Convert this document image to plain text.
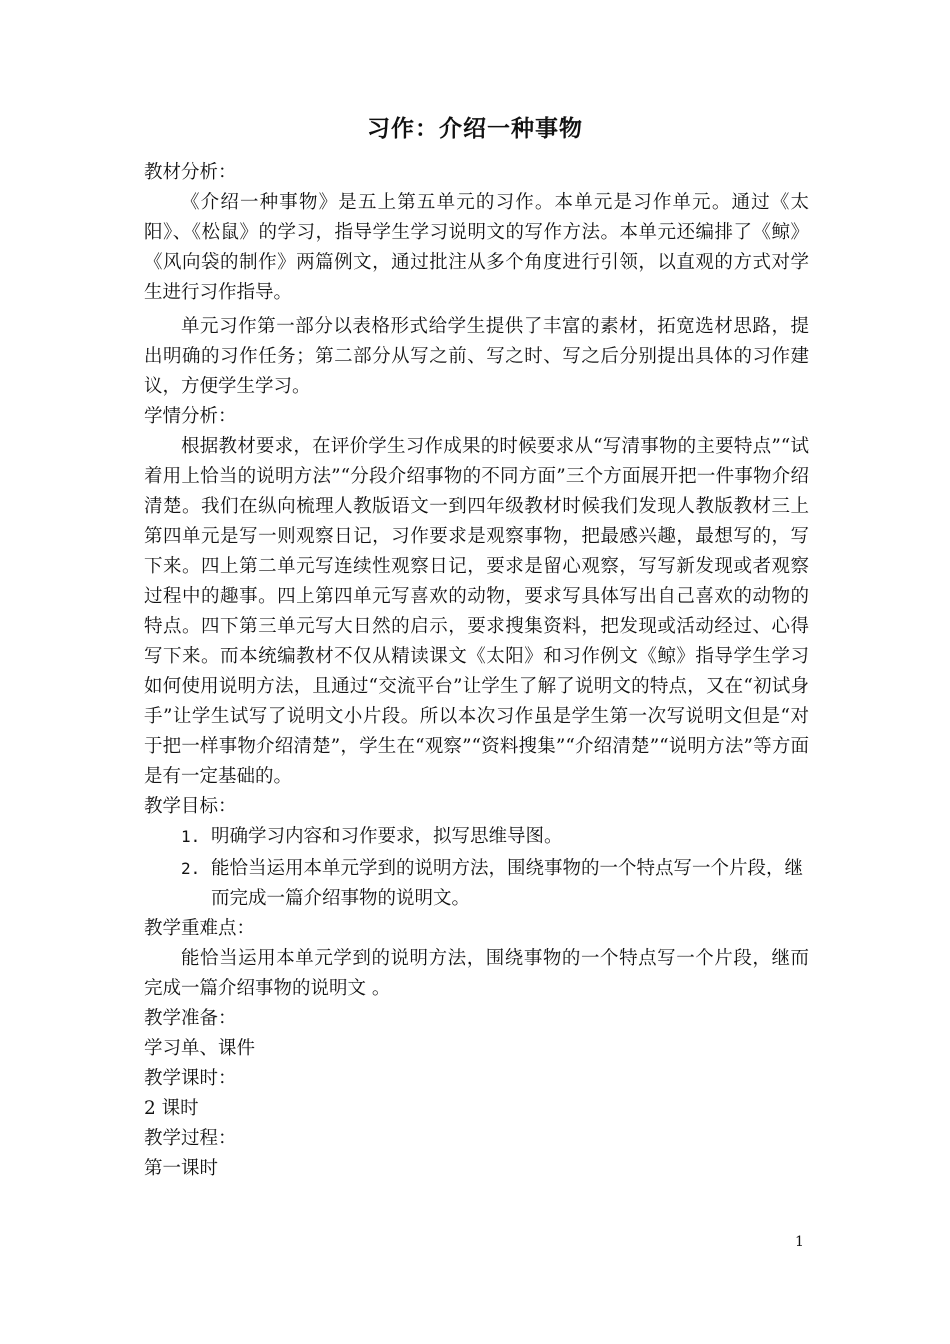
习作：介绍一种事物

教材分析：

《介绍一种事物》是五上第五单元的习作。本单元是习作单元。通过《太阳》、《松鼠》的学习，指导学生学习说明文的写作方法。本单元还编排了《鲸》《风向袋的制作》两篇例文，通过批注从多个角度进行引领，以直观的方式对学生进行习作指导。

单元习作第一部分以表格形式给学生提供了丰富的素材，拓宽选材思路，提出明确的习作任务；第二部分从写之前、写之时、写之后分别提出具体的习作建议，方便学生学习。

学情分析：

根据教材要求，在评价学生习作成果的时候要求从“写清事物的主要特点”“试着用上恰当的说明方法”“分段介绍事物的不同方面”三个方面展开把一件事物介绍清楚。我们在纵向梳理人教版语文一到四年级教材时候我们发现人教版教材三上第四单元是写一则观察日记，习作要求是观察事物，把最感兴趣，最想写的，写下来。四上第二单元写连续性观察日记，要求是留心观察，写写新发现或者观察过程中的趣事。四上第四单元写喜欢的动物，要求写具体写出自己喜欢的动物的特点。四下第三单元写大日然的启示，要求搜集资料，把发现或活动经过、心得写下来。而本统编教材不仅从精读课文《太阳》和习作例文《鲸》指导学生学习如何使用说明方法，且通过“交流平台”让学生了解了说明文的特点，又在“初试身手”让学生试写了说明文小片段。所以本次习作虽是学生第一次写说明文但是“对于把一样事物介绍清楚”，学生在“观察”“资料搜集”“介绍清楚”“说明方法”等方面是有一定基础的。

教学目标：

1. 明确学习内容和习作要求，拟写思维导图。
2. 能恰当运用本单元学到的说明方法，围绕事物的一个特点写一个片段，继而完成一篇介绍事物的说明文。

教学重难点：

能恰当运用本单元学到的说明方法，围绕事物的一个特点写一个片段，继而完成一篇介绍事物的说明文 。

教学准备：

学习单、课件

教学课时：

2 课时

教学过程：

第一课时

1
